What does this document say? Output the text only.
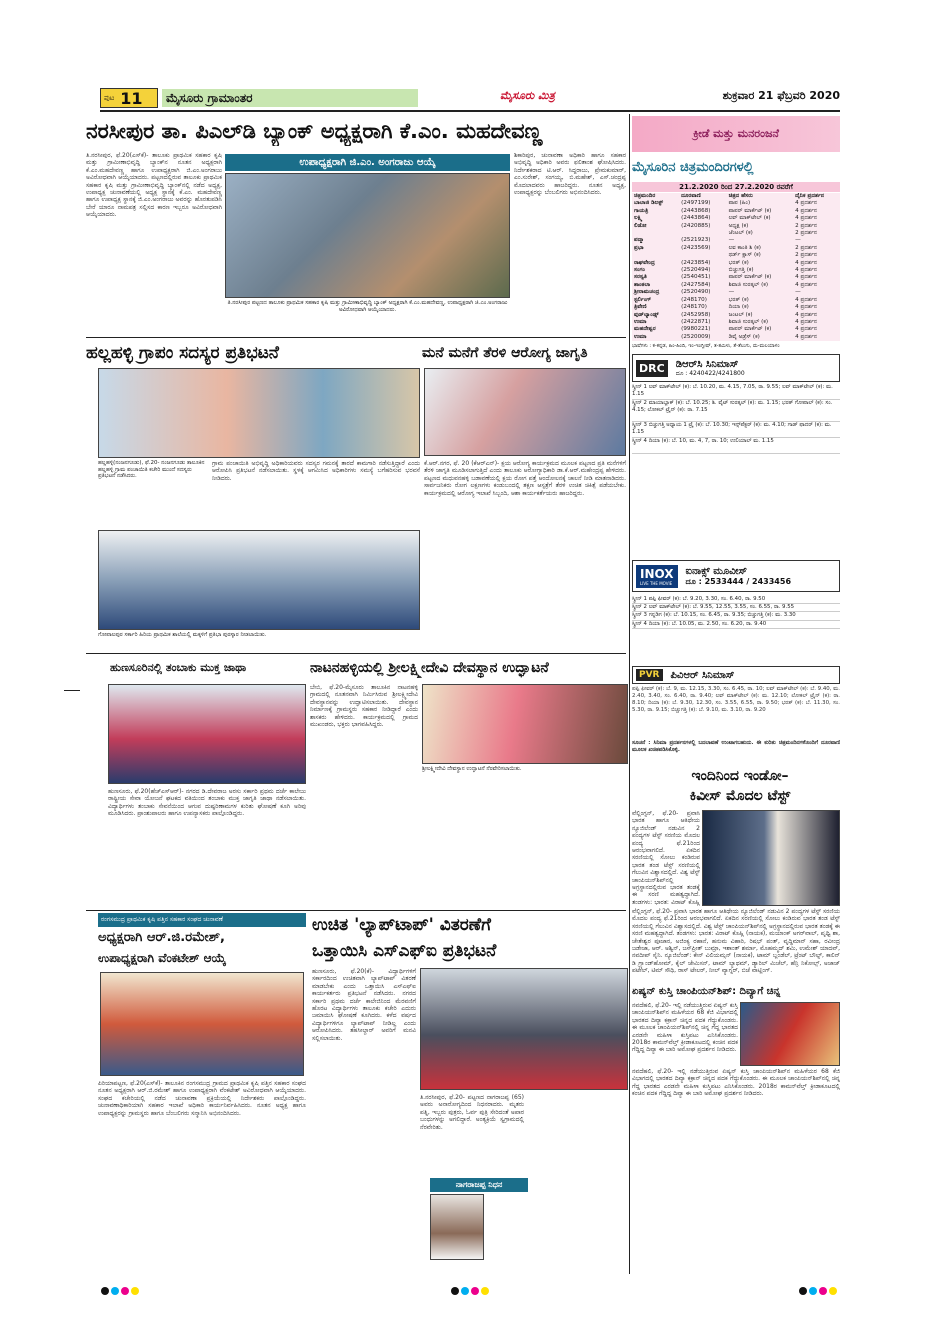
ಪುಟ 11	ಮೈಸೂರು ಗ್ರಾಮಾಂತರ	ಮೈಸೂರು ಮಿತ್ರ	ಶುಕ್ರವಾರ 21 ಫೆಬ್ರವರಿ 2020
ನರಸೀಪುರ ತಾ. ಪಿಎಲ್‌ಡಿ ಬ್ಯಾಂಕ್ ಅಧ್ಯಕ್ಷರಾಗಿ ಕೆ.ಎಂ. ಮಹದೇವಣ್ಣ
ಉಪಾಧ್ಯಕ್ಷರಾಗಿ ಜಿ.ಎಂ. ಅಂಗರಾಜು ಆಯ್ಕೆ
ತಿ.ನರಸೀಪುರ, ಫೆ.20(ಎಸ್‌ಕೆ)- ತಾಲೂಕು ಪ್ರಾಥಮಿಕ ಸಹಕಾರ ಕೃಷಿ ಮತ್ತು ಗ್ರಾಮೀಣಾಭಿವೃದ್ಧಿ ಬ್ಯಾಂಕ್‌ನ ನೂತನ ಅಧ್ಯಕ್ಷರಾಗಿ ಕೆ.ಎಂ.ಮಹದೇವಣ್ಣ ಹಾಗೂ ಉಪಾಧ್ಯಕ್ಷರಾಗಿ ಜಿ.ಎಂ.ಅಂಗರಾಜು ಅವಿರೋಧವಾಗಿ ಆಯ್ಕೆಯಾದರು. ಪಟ್ಟಣದಲ್ಲಿರುವ ತಾಲೂಕು ಪ್ರಾಥಮಿಕ ಸಹಕಾರ ಕೃಷಿ ಮತ್ತು ಗ್ರಾಮೀಣಾಭಿವೃದ್ಧಿ ಬ್ಯಾಂಕ್‌ನಲ್ಲಿ ನಡೆದ ಅಧ್ಯಕ್ಷ, ಉಪಾಧ್ಯಕ್ಷ ಚುನಾವಣೆಯಲ್ಲಿ ಅಧ್ಯಕ್ಷ ಸ್ಥಾನಕ್ಕೆ ಕೆ.ಎಂ. ಮಹದೇವಣ್ಣ ಹಾಗೂ ಉಪಾಧ್ಯಕ್ಷ ಸ್ಥಾನಕ್ಕೆ ಜಿ.ಎಂ.ಅಂಗರಾಜು ಅವರನ್ನು ಹೊರತುಪಡಿಸಿ ಬೇರೆ ಯಾರೂ ನಾಮಪತ್ರ ಸಲ್ಲಿಸದ ಕಾರಣ ಇಬ್ಬರೂ ಅವಿರೋಧವಾಗಿ ಆಯ್ಕೆಯಾದರು.
ತಿ.ನರಸೀಪುರ ಪಟ್ಟಣದ ತಾಲೂಕು ಪ್ರಾಥಮಿಕ ಸಹಕಾರ ಕೃಷಿ ಮತ್ತು ಗ್ರಾಮೀಣಾಭಿವೃದ್ಧಿ ಬ್ಯಾಂಕ್ ಅಧ್ಯಕ್ಷರಾಗಿ ಕೆ.ಎಂ.ಮಹದೇವಣ್ಣ, ಉಪಾಧ್ಯಕ್ಷರಾಗಿ ಜಿ.ಎಂ.ಅಂಗರಾಜು ಅವಿರೋಧವಾಗಿ ಆಯ್ಕೆಯಾದರು.
ಶಿಕಾರಿಪುರ, ಚುನಾವಣಾ ಅಧಿಕಾರಿ ಹಾಗೂ ಸಹಕಾರ ಅಭಿವೃದ್ಧಿ ಅಧಿಕಾರಿ ಅವರು ಫಲಿತಾಂಶ ಘೋಷಿಸಿದರು. ನಿರ್ದೇಶಕರಾದ ಟಿ.ಆರ್. ಸಿದ್ದರಾಜು, ಪ್ರೇಮಕುಮಾರ್, ಎಂ.ಸುರೇಶ್, ಸಂಗಯ್ಯ, ಬಿ.ಮಹೇಶ್, ಎಸ್.ಚಂದ್ರಪ್ಪ ಮೊದಲಾದವರು ಹಾಜರಿದ್ದರು. ನೂತನ ಅಧ್ಯಕ್ಷ, ಉಪಾಧ್ಯಕ್ಷರನ್ನು ಬೆಂಬಲಿಗರು ಅಭಿನಂದಿಸಿದರು.
ಹಲ್ಲಹಳ್ಳಿ ಗ್ರಾಪಂ ಸದಸ್ಯರ ಪ್ರತಿಭಟನೆ
ಹಲ್ಲಹಳ್ಳಿ(ನಂಜನಗೂಡು), ಫೆ.20- ನಂಜನಗೂಡು ತಾಲೂಕಿನ ಹಲ್ಲಹಳ್ಳಿ ಗ್ರಾಮ ಪಂಚಾಯಿತಿ ಕಚೇರಿ ಮುಂದೆ ಸದಸ್ಯರು ಪ್ರತಿಭಟನೆ ನಡೆಸಿದರು.
ಗ್ರಾಮ ಪಂಚಾಯಿತಿ ಅಭಿವೃದ್ಧಿ ಅಧಿಕಾರಿಯವರು ಸದಸ್ಯರ ಗಮನಕ್ಕೆ ತಾರದೆ ಕಾಮಗಾರಿ ನಡೆಸುತ್ತಿದ್ದಾರೆ ಎಂದು ಆರೋಪಿಸಿ ಪ್ರತಿಭಟನೆ ನಡೆಸಲಾಯಿತು. ಸ್ಥಳಕ್ಕೆ ಆಗಮಿಸಿದ ಅಧಿಕಾರಿಗಳು ಸಮಸ್ಯೆ ಬಗೆಹರಿಸುವ ಭರವಸೆ ನೀಡಿದರು.
ಗೋಪಾಲಪುರ ಸರ್ಕಾರಿ ಹಿರಿಯ ಪ್ರಾಥಮಿಕ ಶಾಲೆಯಲ್ಲಿ ಮಕ್ಕಳಿಗೆ ಪ್ರತಿಭಾ ಪುರಸ್ಕಾರ ನೀಡಲಾಯಿತು.
ಮನೆ ಮನೆಗೆ ತೆರಳಿ ಆರೋಗ್ಯ ಜಾಗೃತಿ
ಕೆ.ಆರ್.ನಗರ, ಫೆ. 20 (ಕೆಆರ್‌ಎನ್)- ಕ್ಷಯ ಆರೋಗ್ಯ ಕಾರ್ಯಕ್ರಮದ ಮೂಲಕ ಪಟ್ಟಣದ ಪ್ರತಿ ಮನೆಗಳಿಗೆ ತೆರಳಿ ಜಾಗೃತಿ ಮೂಡಿಸಲಾಗುತ್ತಿದೆ ಎಂದು ತಾಲೂಕು ಆರೋಗ್ಯಾಧಿಕಾರಿ ಡಾ.ಕೆ.ಆರ್.ಮಹೇಂದ್ರಪ್ಪ ಹೇಳಿದರು. ಪಟ್ಟಣದ ಮಧುವನಹಳ್ಳಿ ಬಡಾವಣೆಯಲ್ಲಿ ಕ್ಷಯ ರೋಗ ಪತ್ತೆ ಆಂದೋಲನಕ್ಕೆ ಚಾಲನೆ ನೀಡಿ ಮಾತನಾಡಿದರು. ಸಾರ್ವಜನಿಕರು ರೋಗ ಲಕ್ಷಣಗಳು ಕಂಡುಬಂದಲ್ಲಿ ತಕ್ಷಣ ಆಸ್ಪತ್ರೆಗೆ ತೆರಳಿ ಉಚಿತ ಚಿಕಿತ್ಸೆ ಪಡೆಯಬೇಕು. ಕಾರ್ಯಕ್ರಮದಲ್ಲಿ ಆರೋಗ್ಯ ಇಲಾಖೆ ಸಿಬ್ಬಂದಿ, ಆಶಾ ಕಾರ್ಯಕರ್ತೆಯರು ಹಾಜರಿದ್ದರು.
ಹುಣಸೂರಿನಲ್ಲಿ ತಂಬಾಕು ಮುಕ್ತ ಜಾಥಾ
ಹುಣಸೂರು, ಫೆ.20(ಹೆಚ್‌ಎಸ್‌ಆರ್)- ನಗರದ ಡಿ.ದೇವರಾಜ ಅರಸು ಸರ್ಕಾರಿ ಪ್ರಥಮ ದರ್ಜೆ ಕಾಲೇಜು ರಾಷ್ಟ್ರೀಯ ಸೇವಾ ಯೋಜನೆ ಘಟಕದ ವತಿಯಿಂದ ತಂಬಾಕು ಮುಕ್ತ ಜಾಗೃತಿ ಜಾಥಾ ನಡೆಸಲಾಯಿತು. ವಿದ್ಯಾರ್ಥಿಗಳು ತಂಬಾಕು ಸೇವನೆಯಿಂದ ಆಗುವ ದುಷ್ಪರಿಣಾಮಗಳ ಕುರಿತು ಘೋಷಣೆ ಕೂಗಿ ಅರಿವು ಮೂಡಿಸಿದರು. ಪ್ರಾಂಶುಪಾಲರು ಹಾಗೂ ಉಪನ್ಯಾಸಕರು ಪಾಲ್ಗೊಂಡಿದ್ದರು.
ನಾಟನಹಳ್ಳಿಯಲ್ಲಿ ಶ್ರೀಲಕ್ಷ್ಮೀದೇವಿ ದೇವಸ್ಥಾನ ಉದ್ಘಾಟನೆ
ಬೇಬಿ, ಫೆ.20-ಮೈಸೂರು ತಾಲೂಕಿನ ನಾಟನಹಳ್ಳಿ ಗ್ರಾಮದಲ್ಲಿ ನೂತನವಾಗಿ ನಿರ್ಮಿಸಿರುವ ಶ್ರೀಲಕ್ಷ್ಮೀದೇವಿ ದೇವಸ್ಥಾನವನ್ನು ಉದ್ಘಾಟಿಸಲಾಯಿತು. ದೇವಸ್ಥಾನ ನಿರ್ಮಾಣಕ್ಕೆ ಗ್ರಾಮಸ್ಥರು ಸಹಕಾರ ನೀಡಿದ್ದಾರೆ ಎಂದು ಶಾಸಕರು ಹೇಳಿದರು. ಕಾರ್ಯಕ್ರಮದಲ್ಲಿ ಗ್ರಾಮದ ಮುಖಂಡರು, ಭಕ್ತರು ಭಾಗವಹಿಸಿದ್ದರು.
ಶ್ರೀಲಕ್ಷ್ಮೀದೇವಿ ದೇವಸ್ಥಾನ ಉದ್ಘಾಟನೆ ನೆರವೇರಿಸಲಾಯಿತು.
ರಂಗಸಮುದ್ರ ಪ್ರಾಥಮಿಕ ಕೃಷಿ ಪತ್ತಿನ ಸಹಕಾರ ಸಂಘದ ಚುನಾವಣೆ
ಅಧ್ಯಕ್ಷರಾಗಿ ಆರ್.ಜಿ.ರಮೇಶ್,
ಉಪಾಧ್ಯಕ್ಷರಾಗಿ ವೆಂಕಟೇಶ್ ಆಯ್ಕೆ
ಪಿರಿಯಾಪಟ್ಟಣ, ಫೆ.20(ಎಸ್‌ಕೆ)- ತಾಲೂಕಿನ ರಂಗಸಮುದ್ರ ಗ್ರಾಮದ ಪ್ರಾಥಮಿಕ ಕೃಷಿ ಪತ್ತಿನ ಸಹಕಾರ ಸಂಘದ ನೂತನ ಅಧ್ಯಕ್ಷರಾಗಿ ಆರ್.ಜಿ.ರಮೇಶ್ ಹಾಗೂ ಉಪಾಧ್ಯಕ್ಷರಾಗಿ ವೆಂಕಟೇಶ್ ಅವಿರೋಧವಾಗಿ ಆಯ್ಕೆಯಾದರು. ಸಂಘದ ಕಚೇರಿಯಲ್ಲಿ ನಡೆದ ಚುನಾವಣಾ ಪ್ರಕ್ರಿಯೆಯಲ್ಲಿ ನಿರ್ದೇಶಕರು ಪಾಲ್ಗೊಂಡಿದ್ದರು. ಚುನಾವಣಾಧಿಕಾರಿಯಾಗಿ ಸಹಕಾರ ಇಲಾಖೆ ಅಧಿಕಾರಿ ಕಾರ್ಯನಿರ್ವಹಿಸಿದರು. ನೂತನ ಅಧ್ಯಕ್ಷ ಹಾಗೂ ಉಪಾಧ್ಯಕ್ಷರನ್ನು ಗ್ರಾಮಸ್ಥರು ಹಾಗೂ ಬೆಂಬಲಿಗರು ಸನ್ಮಾನಿಸಿ ಅಭಿನಂದಿಸಿದರು.
ಉಚಿತ 'ಲ್ಯಾಪ್‌ಟಾಪ್' ವಿತರಣೆಗೆ
ಒತ್ತಾಯಿಸಿ ಎಸ್‌ಎಫ್‌ಐ ಪ್ರತಿಭಟನೆ
ಹುಣಸೂರು, ಫೆ.20(ಕೆ)- ವಿದ್ಯಾರ್ಥಿಗಳಿಗೆ ಸರ್ಕಾರದಿಂದ ಉಚಿತವಾಗಿ ಲ್ಯಾಪ್‌ಟಾಪ್ ವಿತರಣೆ ಮಾಡಬೇಕು ಎಂದು ಒತ್ತಾಯಿಸಿ ಎಸ್‌ಎಫ್‌ಐ ಕಾರ್ಯಕರ್ತರು ಪ್ರತಿಭಟನೆ ನಡೆಸಿದರು. ನಗರದ ಸರ್ಕಾರಿ ಪ್ರಥಮ ದರ್ಜೆ ಕಾಲೇಜಿನಿಂದ ಮೆರವಣಿಗೆ ಹೊರಟ ವಿದ್ಯಾರ್ಥಿಗಳು ತಾಲೂಕು ಕಚೇರಿ ಎದುರು ಜಮಾಯಿಸಿ ಘೋಷಣೆ ಕೂಗಿದರು. ಕಳೆದ ವರ್ಷದ ವಿದ್ಯಾರ್ಥಿಗಳಿಗೂ ಲ್ಯಾಪ್‌ಟಾಪ್ ನೀಡಿಲ್ಲ ಎಂದು ಆರೋಪಿಸಿದರು. ತಹಸೀಲ್ದಾರ್ ಅವರಿಗೆ ಮನವಿ ಸಲ್ಲಿಸಲಾಯಿತು.
ತಿ.ನರಸೀಪುರ, ಫೆ.20- ಪಟ್ಟಣದ ನಾಗರಾಜಪ್ಪ (65) ಅವರು ಅನಾರೋಗ್ಯದಿಂದ ನಿಧನರಾದರು. ಮೃತರು ಪತ್ನಿ, ಇಬ್ಬರು ಪುತ್ರರು, ಓರ್ವ ಪುತ್ರಿ ಸೇರಿದಂತೆ ಅಪಾರ ಬಂಧುಗಳನ್ನು ಅಗಲಿದ್ದಾರೆ. ಅಂತ್ಯಕ್ರಿಯೆ ಸ್ವಗ್ರಾಮದಲ್ಲಿ ನೆರವೇರಿತು.
ನಾಗರಾಜಪ್ಪ ನಿಧನ
ಕ್ರೀಡೆ ಮತ್ತು ಮನರಂಜನೆ
ಮೈಸೂರಿನ ಚಿತ್ರಮಂದಿರಗಳಲ್ಲಿ
21.2.2020 ರಿಂದ 27.2.2020 ರವರೆಗೆ
ಚಿತ್ರಮಂದಿರ	ದೂರವಾಣಿ	ಚಿತ್ರದ ಹೆಸರು	ದೈನಿಕ ಪ್ರದರ್ಶನ
ಬಾಲಾಜಿ ಡಿಲಕ್ಸ್	(2497199)	ಪಾಪ (ಹಿಂ)	4 ಪ್ರದರ್ಶನ
ಗಾಯತ್ರಿ	(2443868)	ಪಾಪರ್ ಮಾರ್ಕೆಟ್ (ಕ)	4 ಪ್ರದರ್ಶನ
ಲಕ್ಷ್ಮಿ	(2443864)	ಲವ್ ಮಾಕ್‌ಟೇಲ್ (ಕ)	4 ಪ್ರದರ್ಶನ
ಲಿಡೋ	(2420885)	ಅಧ್ಯಕ್ಷ (ಕ)	2 ಪ್ರದರ್ಶನ
		ಜೆಂಟಲ್ (ಕ)	2 ಪ್ರದರ್ಶನ
ಪದ್ಮಾ	(2521923)	—	—
ಪ್ರಭಾ	(2423569)	ಲವ ಕಾಂತಿ ಶಿ (ಕ)	2 ಪ್ರದರ್ಶನ
		ಥರ್ಡ್ ಕ್ಲಾಸ್ (ಕ)	2 ಪ್ರದರ್ಶನ
ರಾಘವೇಂದ್ರ	(2423854)	ಭರತ್ (ಕ)	4 ಪ್ರದರ್ಶನ
ಸಂಗಂ	(2520494)	ಬಿಚ್ಚುಗತ್ತಿ (ಕ)	4 ಪ್ರದರ್ಶನ
ಸರಸ್ವತಿ	(2540451)	ಪಾಪರ್ ಮಾರ್ಕೆಟ್ (ಕ)	4 ಪ್ರದರ್ಶನ
ಶಾಂತಲಾ	(2427584)	ಶಿವಾಜಿ ಸುರತ್ಕಲ್ (ಕ)	4 ಪ್ರದರ್ಶನ
ಶ್ರೀರಾಮಚಂದ್ರ	(2520490)	—	—
ಸ್ಟರ್ಲಿಂಗ್	(248170)	ಭರತ್ (ಕ)	4 ಪ್ರದರ್ಶನ
ತ್ರಿವೇಣಿ	(248170)	ದಿಯಾ (ಕ)	4 ಪ್ರದರ್ಶನ
ವುಡ್‌ಲ್ಯಾಂಡ್ಸ್	(2452958)	ಜಂಟಲ್ (ಕ)	4 ಪ್ರದರ್ಶನ
ಉಮಾ	(2422871)	ಶಿವಾಜಿ ಸುರತ್ಕಲ್ (ಕ)	4 ಪ್ರದರ್ಶನ
ಮಹದೇಶ್ವರ	(9980221)	ಪಾಪರ್ ಮಾರ್ಕೆಟ್ (ಕ)	4 ಪ್ರದರ್ಶನ
ಉಮಾ	(2520009)	ಡಿವೈ ಅಡ್ರೆಸ್ (ಕ)	4 ಪ್ರದರ್ಶನ
ಭಾಷೆಗಳು : ಕ-ಕನ್ನಡ, ಹಿಂ-ಹಿಂದಿ, ಇಂ-ಇಂಗ್ಲೀಷ್, ತ-ತಮಿಳು, ತೆ-ತೆಲುಗು, ಮ-ಮಲಯಾಳಂ
DRC	ಡಿಆರ್‌ಸಿ ಸಿನಿಮಾಸ್
ದೂ : 4240422/4241800
ಸ್ಕ್ರೀನ್ 1 ಲವ್ ಮಾಕ್‌ಟೇಲ್ (ಕ): ಬೆ. 10.20, ಮ. 4.15, 7.05, ರಾ. 9.55; ಲವ್ ಮಾಕ್‌ಟೇಲ್ (ಕ): ಮ. 1.15
ಸ್ಕ್ರೀನ್ 2 ಮಾಯಾಬ್ಲಾಕ್ (ಕ): ಬೆ. 10.25; ಶಿ. ವೈಟ್ ಸುರತ್ಕಲ್ (ಕ): ಮ. 1.15; ಭರತ್ ಗೋಪಾಲ್ (ಕ): ಸಂ. 4.15; ಲೋಕಲ್ ಟ್ರೈನ್ (ಕ): ರಾ. 7.15
ಸ್ಕ್ರೀನ್ 3 ಬಿಚ್ಚುಗತ್ತಿ ಅಧ್ಯಾಯ 1 ಟ್ರೈ (ಕ): ಬೆ. 10.30; ಇನ್ಸ್‌ಪೆಕ್ಟರ್ (ಕ): ಮ. 4.10; ಗಾಡ್ ಫಾದರ್ (ಕ): ಮ. 1.15
ಸ್ಕ್ರೀನ್ 4 ದಿಯಾ (ಕ): ಬೆ. 10, ಮ. 4, 7, ರಾ. 10; ಉಲಿಯಾಲ್ ಮ. 1.15
INOX
LIVE THE MOVIE
ಐನಾಕ್ಸ್ ಮೂವೀಸ್
ದೂ : 2533444 / 2433456
ಸ್ಕ್ರೀನ್ 1 ಪಪ್ಪಿ ಫೀವರ್ (ಕ): ಬೆ. 9.20, 3.30, ಸಂ. 6.40, ರಾ. 9.50
ಸ್ಕ್ರೀನ್ 2 ಲವ್ ಮಾಕ್‌ಟೇಲ್ (ಕ): ಬೆ. 9.55, 12.55, 3.55, ಸಂ. 6.55, ರಾ. 9.55
ಸ್ಕ್ರೀನ್ 3 ಗನ್ನಡಿಗ (ಕ): ಬೆ. 10.15, ಸಂ. 6.45, ರಾ. 9.35; ಬಿಚ್ಚುಗತ್ತಿ (ಕ): ಮ. 3.30
ಸ್ಕ್ರೀನ್ 4 ದಿಯಾ (ಕ): ಬೆ. 10.05, ಮ. 2.50, ಸಂ. 6.20, ರಾ. 9.40
PVR	ಪಿವಿಆರ್ ಸಿನಿಮಾಸ್
ಪಪ್ಪಿ ಫೀವರ್ (ಕ): ಬೆ. 9, ಮ. 12.15, 3.30, ಸಂ. 6.45, ರಾ. 10; ಲವ್ ಮಾಕ್‌ಟೇಲ್ (ಕ): ಬೆ. 9.40, ಮ. 2.40, 3.40, ಸಂ. 6.40, ರಾ. 9.40; ಲವ್ ಮಾಕ್‌ಟೇಲ್ (ಕ): ಮ. 12.10; ಲೋಕಲ್ ಟ್ರೈನ್ (ಕ): ರಾ. 8.10; ದಿಯಾ (ಕ): ಬೆ. 9.30, 12.30, ಸಂ. 3.55, 6.55, ರಾ. 9.50; ಭರತ್ (ಕ): ಬೆ. 11.30, ಸಂ. 5.30, ರಾ. 9.15; ಬಿಚ್ಚುಗತ್ತಿ (ಕ): ಬೆ. 9.10, ಮ. 3.10, ರಾ. 9.20
ಸೂಚನೆ : ಸಿನಿಮಾ ಪ್ರದರ್ಶನಗಳಲ್ಲಿ ಬದಲಾವಣೆ ಉಂಟಾಗಬಹುದು. ಈ ಕುರಿತು ಚಿತ್ರಮಂದಿರಗಳೊಂದಿಗೆ ದೂರವಾಣಿ ಮೂಲಕ ಖಚಿತಪಡಿಸಿಕೊಳ್ಳಿ.
ಇಂದಿನಿಂದ ಇಂಡೋ–
ಕಿವೀಸ್ ಮೊದಲ ಟೆಸ್ಟ್
ವೆಲ್ಲಿಂಗ್ಟನ್, ಫೆ.20- ಪ್ರವಾಸಿ ಭಾರತ ಹಾಗೂ ಆತಿಥೇಯ ನ್ಯೂಜಿಲೆಂಡ್ ನಡುವಿನ 2 ಪಂದ್ಯಗಳ ಟೆಸ್ಟ್ ಸರಣಿಯ ಮೊದಲ ಪಂದ್ಯ ಫೆ.21ರಿಂದ ಆರಂಭವಾಗಲಿದೆ. ಏಕದಿನ ಸರಣಿಯಲ್ಲಿ ಸೋಲು ಕಂಡಿರುವ ಭಾರತ ತಂಡ ಟೆಸ್ಟ್ ಸರಣಿಯಲ್ಲಿ ಗೆಲುವಿನ ವಿಶ್ವಾಸದಲ್ಲಿದೆ. ವಿಶ್ವ ಟೆಸ್ಟ್ ಚಾಂಪಿಯನ್‌ಶಿಪ್‌ನಲ್ಲಿ ಅಗ್ರಸ್ಥಾನದಲ್ಲಿರುವ ಭಾರತ ತಂಡಕ್ಕೆ ಈ ಸರಣಿ ಮಹತ್ವದ್ದಾಗಿದೆ. ತಂಡಗಳು: ಭಾರತ: ವಿರಾಟ್ ಕೊಹ್ಲಿ
ವೆಲ್ಲಿಂಗ್ಟನ್, ಫೆ.20- ಪ್ರವಾಸಿ ಭಾರತ ಹಾಗೂ ಆತಿಥೇಯ ನ್ಯೂಜಿಲೆಂಡ್ ನಡುವಿನ 2 ಪಂದ್ಯಗಳ ಟೆಸ್ಟ್ ಸರಣಿಯ ಮೊದಲ ಪಂದ್ಯ ಫೆ.21ರಿಂದ ಆರಂಭವಾಗಲಿದೆ. ಏಕದಿನ ಸರಣಿಯಲ್ಲಿ ಸೋಲು ಕಂಡಿರುವ ಭಾರತ ತಂಡ ಟೆಸ್ಟ್ ಸರಣಿಯಲ್ಲಿ ಗೆಲುವಿನ ವಿಶ್ವಾಸದಲ್ಲಿದೆ. ವಿಶ್ವ ಟೆಸ್ಟ್ ಚಾಂಪಿಯನ್‌ಶಿಪ್‌ನಲ್ಲಿ ಅಗ್ರಸ್ಥಾನದಲ್ಲಿರುವ ಭಾರತ ತಂಡಕ್ಕೆ ಈ ಸರಣಿ ಮಹತ್ವದ್ದಾಗಿದೆ. ತಂಡಗಳು: ಭಾರತ: ವಿರಾಟ್ ಕೊಹ್ಲಿ (ನಾಯಕ), ಮಯಾಂಕ್ ಅಗರ್‌ವಾಲ್, ಪೃಥ್ವಿ ಶಾ, ಚೇತೇಶ್ವರ ಪೂಜಾರ, ಅಜಿಂಕ್ಯ ರಹಾನೆ, ಹನುಮ ವಿಹಾರಿ, ರಿಷಭ್ ಪಂತ್, ವೃದ್ಧಿಮಾನ್ ಸಹಾ, ರವೀಂದ್ರ ಜಡೇಜಾ, ಆರ್. ಅಶ್ವಿನ್, ಜಸ್‌ಪ್ರೀತ್ ಬುಮ್ರಾ, ಇಶಾಂತ್ ಶರ್ಮಾ, ಮೊಹಮ್ಮದ್ ಶಮಿ, ಉಮೇಶ್ ಯಾದವ್, ನವದೀಪ್ ಸೈನಿ. ನ್ಯೂಜಿಲೆಂಡ್: ಕೇನ್ ವಿಲಿಯಮ್ಸನ್ (ನಾಯಕ), ಟಾಮ್ ಬ್ಲಂಡೆಲ್, ಟ್ರೆಂಟ್ ಬೌಲ್ಟ್, ಕಾಲಿನ್ ಡಿ ಗ್ರ್ಯಾಂಡ್‌ಹೋಮ್, ಕೈಲ್ ಜೇಮಿಸನ್, ಟಾಮ್ ಲ್ಯಾಥಮ್, ಡ್ಯಾರಿಲ್ ಮಿಚೆಲ್, ಹೆನ್ರಿ ನಿಕೋಲ್ಸ್, ಅಜಾಜ್ ಪಟೇಲ್, ಟಿಮ್ ಸೌಥಿ, ರಾಸ್ ಟೇಲರ್, ನೀಲ್ ವ್ಯಾಗ್ನರ್, ಬಿಜೆ ವಾಟ್ಲಿಂಗ್.
ಏಷ್ಯನ್ ಕುಸ್ತಿ ಚಾಂಪಿಯನ್‌ಶಿಪ್: ದಿವ್ಯಾಗೆ ಚಿನ್ನ
ನವದೆಹಲಿ, ಫೆ.20- ಇಲ್ಲಿ ನಡೆಯುತ್ತಿರುವ ಏಷ್ಯನ್ ಕುಸ್ತಿ ಚಾಂಪಿಯನ್‌ಶಿಪ್‌ನ ಮಹಿಳೆಯರ 68 ಕೆಜಿ ವಿಭಾಗದಲ್ಲಿ ಭಾರತದ ದಿವ್ಯಾ ಕಕ್ರಾನ್ ಚಿನ್ನದ ಪದಕ ಗೆದ್ದುಕೊಂಡರು. ಈ ಮೂಲಕ ಚಾಂಪಿಯನ್‌ಶಿಪ್‌ನಲ್ಲಿ ಚಿನ್ನ ಗೆದ್ದ ಭಾರತದ ಎರಡನೇ ಮಹಿಳಾ ಕುಸ್ತಿಪಟು ಎನಿಸಿಕೊಂಡರು. 2018ರ ಕಾಮನ್‌ವೆಲ್ತ್ ಕ್ರೀಡಾಕೂಟದಲ್ಲಿ ಕಂಚಿನ ಪದಕ ಗೆದ್ದಿದ್ದ ದಿವ್ಯಾ ಈ ಬಾರಿ ಅಮೋಘ ಪ್ರದರ್ಶನ ನೀಡಿದರು.
ನವದೆಹಲಿ, ಫೆ.20- ಇಲ್ಲಿ ನಡೆಯುತ್ತಿರುವ ಏಷ್ಯನ್ ಕುಸ್ತಿ ಚಾಂಪಿಯನ್‌ಶಿಪ್‌ನ ಮಹಿಳೆಯರ 68 ಕೆಜಿ ವಿಭಾಗದಲ್ಲಿ ಭಾರತದ ದಿವ್ಯಾ ಕಕ್ರಾನ್ ಚಿನ್ನದ ಪದಕ ಗೆದ್ದುಕೊಂಡರು. ಈ ಮೂಲಕ ಚಾಂಪಿಯನ್‌ಶಿಪ್‌ನಲ್ಲಿ ಚಿನ್ನ ಗೆದ್ದ ಭಾರತದ ಎರಡನೇ ಮಹಿಳಾ ಕುಸ್ತಿಪಟು ಎನಿಸಿಕೊಂಡರು. 2018ರ ಕಾಮನ್‌ವೆಲ್ತ್ ಕ್ರೀಡಾಕೂಟದಲ್ಲಿ ಕಂಚಿನ ಪದಕ ಗೆದ್ದಿದ್ದ ದಿವ್ಯಾ ಈ ಬಾರಿ ಅಮೋಘ ಪ್ರದರ್ಶನ ನೀಡಿದರು.
